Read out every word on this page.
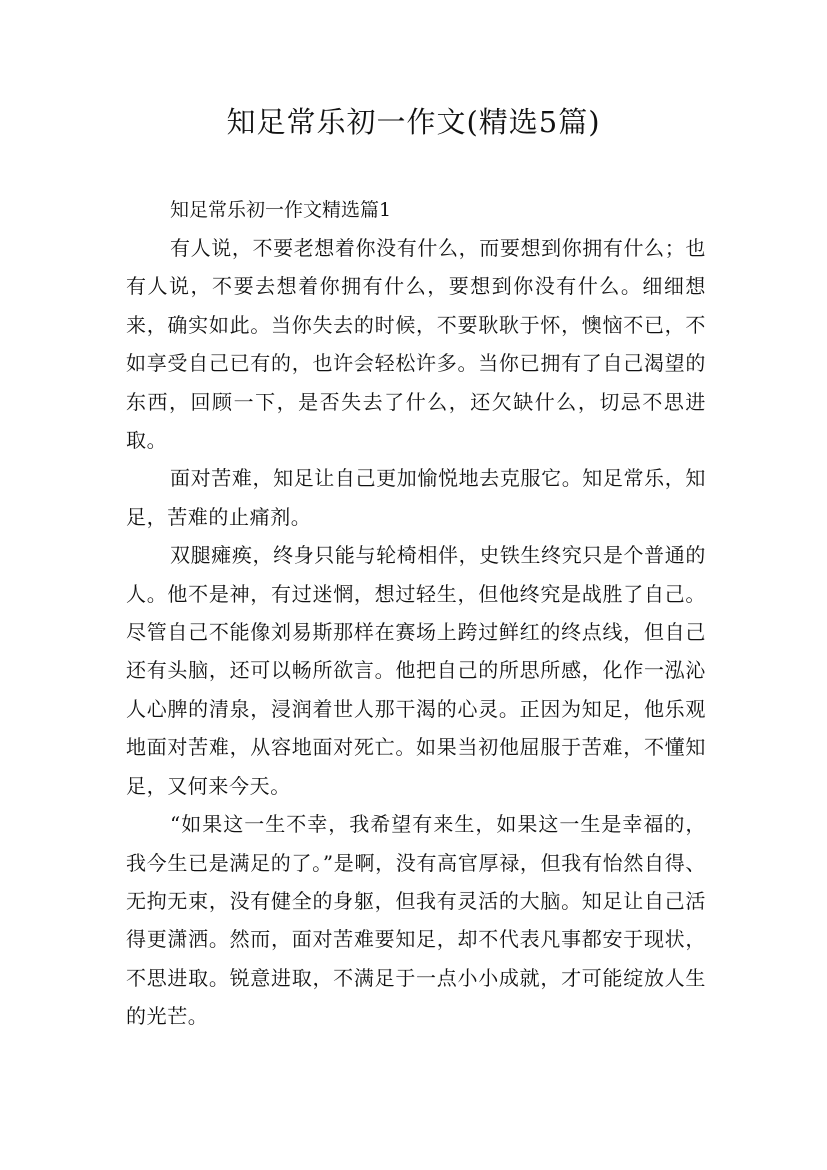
知足常乐初一作文(精选5篇)

知足常乐初一作文精选篇1

有人说，不要老想着你没有什么，而要想到你拥有什么；也有人说，不要去想着你拥有什么，要想到你没有什么。细细想来，确实如此。当你失去的时候，不要耿耿于怀，懊恼不已，不如享受自己已有的，也许会轻松许多。当你已拥有了自己渴望的东西，回顾一下，是否失去了什么，还欠缺什么，切忌不思进取。

面对苦难，知足让自己更加愉悦地去克服它。知足常乐，知足，苦难的止痛剂。

双腿瘫痪，终身只能与轮椅相伴，史铁生终究只是个普通的人。他不是神，有过迷惘，想过轻生，但他终究是战胜了自己。尽管自己不能像刘易斯那样在赛场上跨过鲜红的终点线，但自己还有头脑，还可以畅所欲言。他把自己的所思所感，化作一泓沁人心脾的清泉，浸润着世人那干渴的心灵。正因为知足，他乐观地面对苦难，从容地面对死亡。如果当初他屈服于苦难，不懂知足，又何来今天。

“如果这一生不幸，我希望有来生，如果这一生是幸福的，我今生已是满足的了。”是啊，没有高官厚禄，但我有怡然自得、无拘无束，没有健全的身躯，但我有灵活的大脑。知足让自己活得更潇洒。然而，面对苦难要知足，却不代表凡事都安于现状，不思进取。锐意进取，不满足于一点小小成就，才可能绽放人生的光芒。
